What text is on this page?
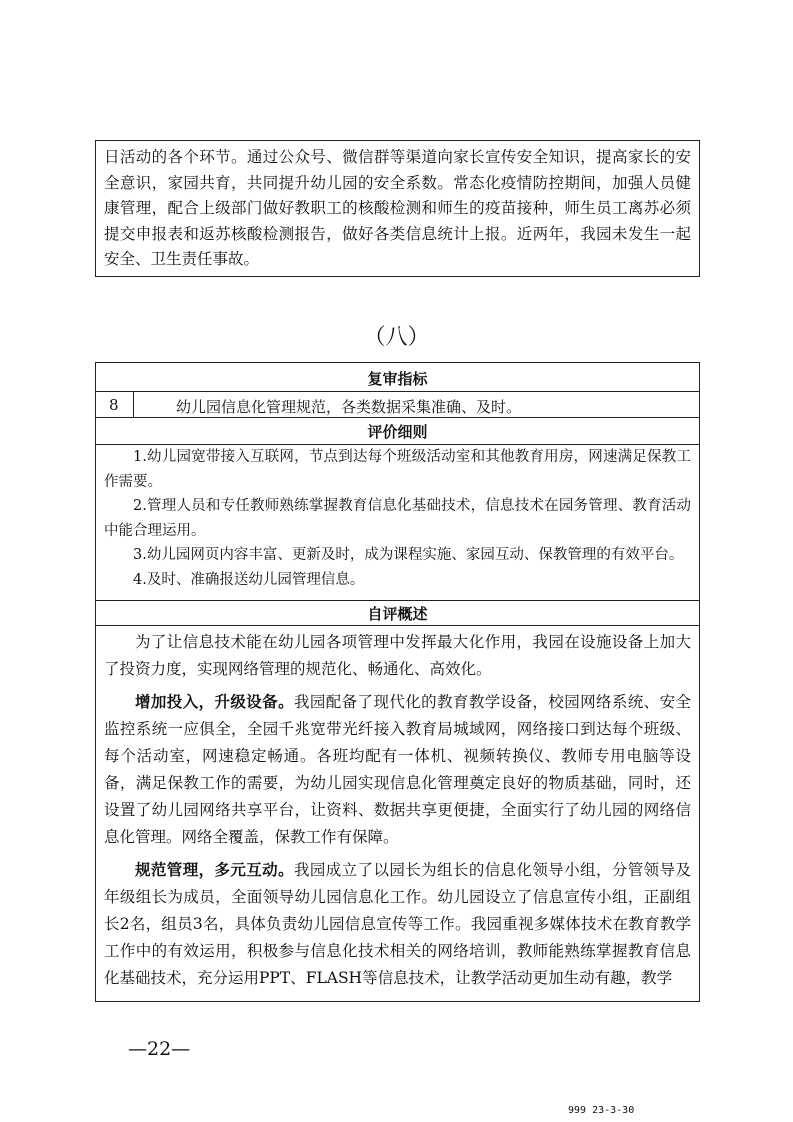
日活动的各个环节。通过公众号、微信群等渠道向家长宣传安全知识，提高家长的安全意识，家园共育，共同提升幼儿园的安全系数。常态化疫情防控期间，加强人员健康管理，配合上级部门做好教职工的核酸检测和师生的疫苗接种，师生员工离苏必须提交申报表和返苏核酸检测报告，做好各类信息统计上报。近两年，我园未发生一起安全、卫生责任事故。
（八）
复审指标
8	幼儿园信息化管理规范，各类数据采集准确、及时。
评价细则
1.幼儿园宽带接入互联网，节点到达每个班级活动室和其他教育用房，网速满足保教工作需要。
2.管理人员和专任教师熟练掌握教育信息化基础技术，信息技术在园务管理、教育活动中能合理运用。
3.幼儿园网页内容丰富、更新及时，成为课程实施、家园互动、保教管理的有效平台。
4.及时、准确报送幼儿园管理信息。
自评概述
为了让信息技术能在幼儿园各项管理中发挥最大化作用，我园在设施设备上加大了投资力度，实现网络管理的规范化、畅通化、高效化。
增加投入，升级设备。我园配备了现代化的教育教学设备，校园网络系统、安全监控系统一应俱全，全园千兆宽带光纤接入教育局城域网，网络接口到达每个班级、每个活动室，网速稳定畅通。各班均配有一体机、视频转换仪、教师专用电脑等设备，满足保教工作的需要，为幼儿园实现信息化管理奠定良好的物质基础，同时，还设置了幼儿园网络共享平台，让资料、数据共享更便捷，全面实行了幼儿园的网络信息化管理。网络全覆盖，保教工作有保障。
规范管理，多元互动。我园成立了以园长为组长的信息化领导小组，分管领导及年级组长为成员，全面领导幼儿园信息化工作。幼儿园设立了信息宣传小组，正副组长2名，组员3名，具体负责幼儿园信息宣传等工作。我园重视多媒体技术在教育教学工作中的有效运用，积极参与信息化技术相关的网络培训，教师能熟练掌握教育信息化基础技术，充分运用PPT、FLASH等信息技术，让教学活动更加生动有趣，教学
—22—
999 23-3-30
